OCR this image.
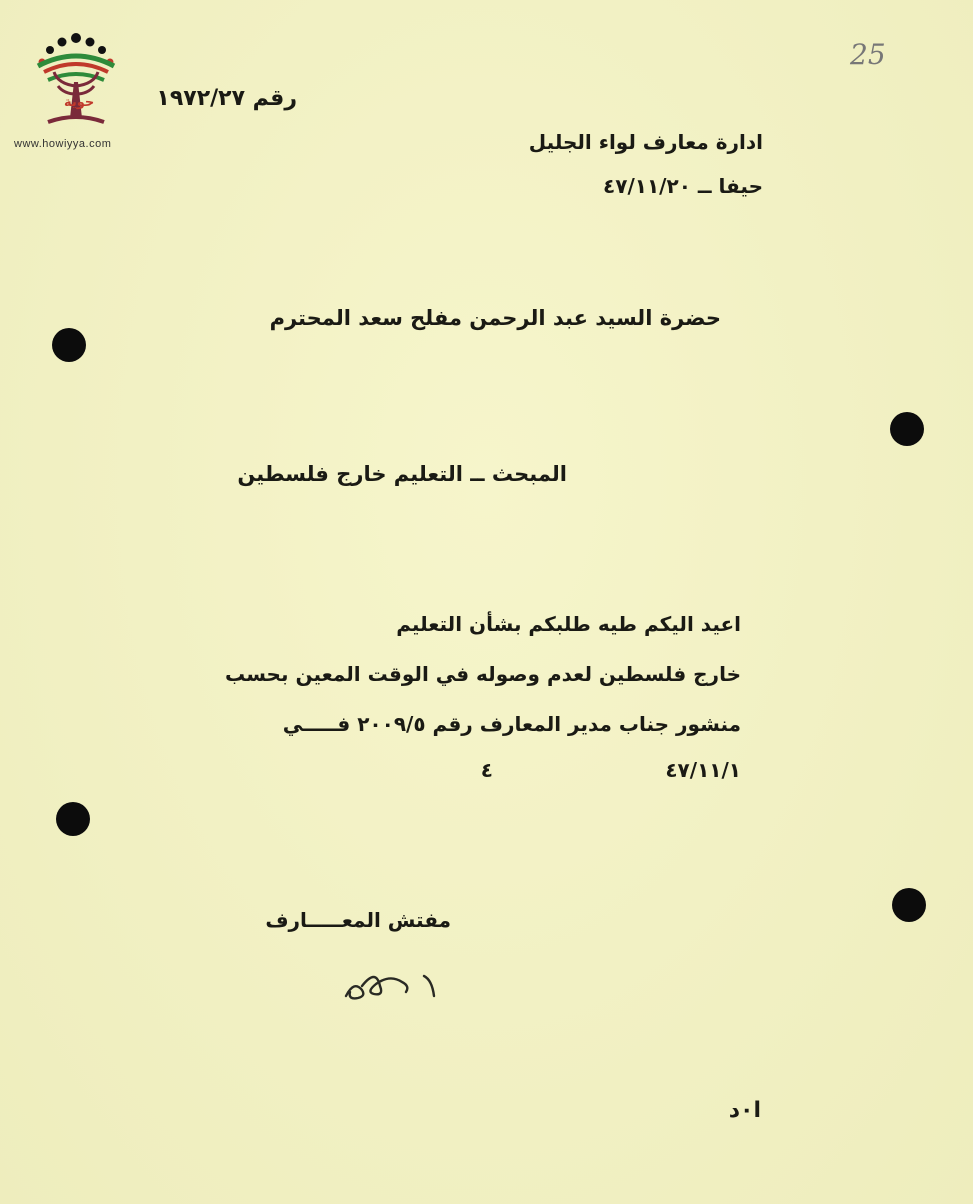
حوية
www.howiyya.com
25
رقم ١٩٧٢/٢٧
ادارة معارف لواء الجليل
حيفا ــ ٤٧/١١/٢٠
حضرة السيد عبد الرحمن مفلح سعد المحترم
المبحث ــ التعليم خارج فلسطين
اعيد اليكم طيه طلبكم بشأن التعليم
خارج فلسطين لعدم وصوله في الوقت المعين بحسب
منشور جناب مدير المعارف رقم ٢٠٠٩/٥ فـــــي
٤٧/١١/١
٤
مفتش المعـــــارف
ا٠د
